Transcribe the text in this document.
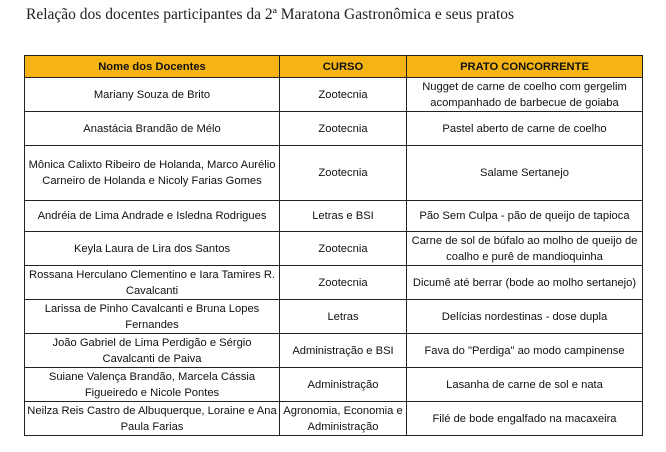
Relação dos docentes participantes da 2ª Maratona Gastronômica e seus pratos
Nome dos Docentes	CURSO	PRATO CONCORRENTE
Mariany Souza de Brito	Zootecnia	Nugget de carne de coelho com gergelim acompanhado de barbecue de goiaba
Anastácia Brandão de Mélo	Zootecnia	Pastel aberto de carne de coelho
Mônica Calixto Ribeiro de Holanda, Marco Aurélio Carneiro de Holanda e Nicoly Farias Gomes	Zootecnia	Salame Sertanejo
Andréia de Lima Andrade e Isledna Rodrigues	Letras e BSI	Pão Sem Culpa - pão de queijo de tapioca
Keyla Laura de Lira dos Santos	Zootecnia	Carne de sol de búfalo ao molho de queijo de coalho e purê de mandioquinha
Rossana Herculano Clementino e Iara Tamires R. Cavalcanti	Zootecnia	Dicumê até berrar (bode ao molho sertanejo)
Larissa de Pinho Cavalcanti e Bruna Lopes Fernandes	Letras	Delícias nordestinas - dose dupla
João Gabriel de Lima Perdigão e Sérgio Cavalcanti de Paiva	Administração e BSI	Fava do "Perdiga" ao modo campinense
Suiane Valença Brandão, Marcela Cássia Figueiredo e Nicole Pontes	Administração	Lasanha de carne de sol e nata
Neilza Reis Castro de Albuquerque, Loraine e Ana Paula Farias	Agronomia, Economia e Administração	Filé de bode engalfado na macaxeira
